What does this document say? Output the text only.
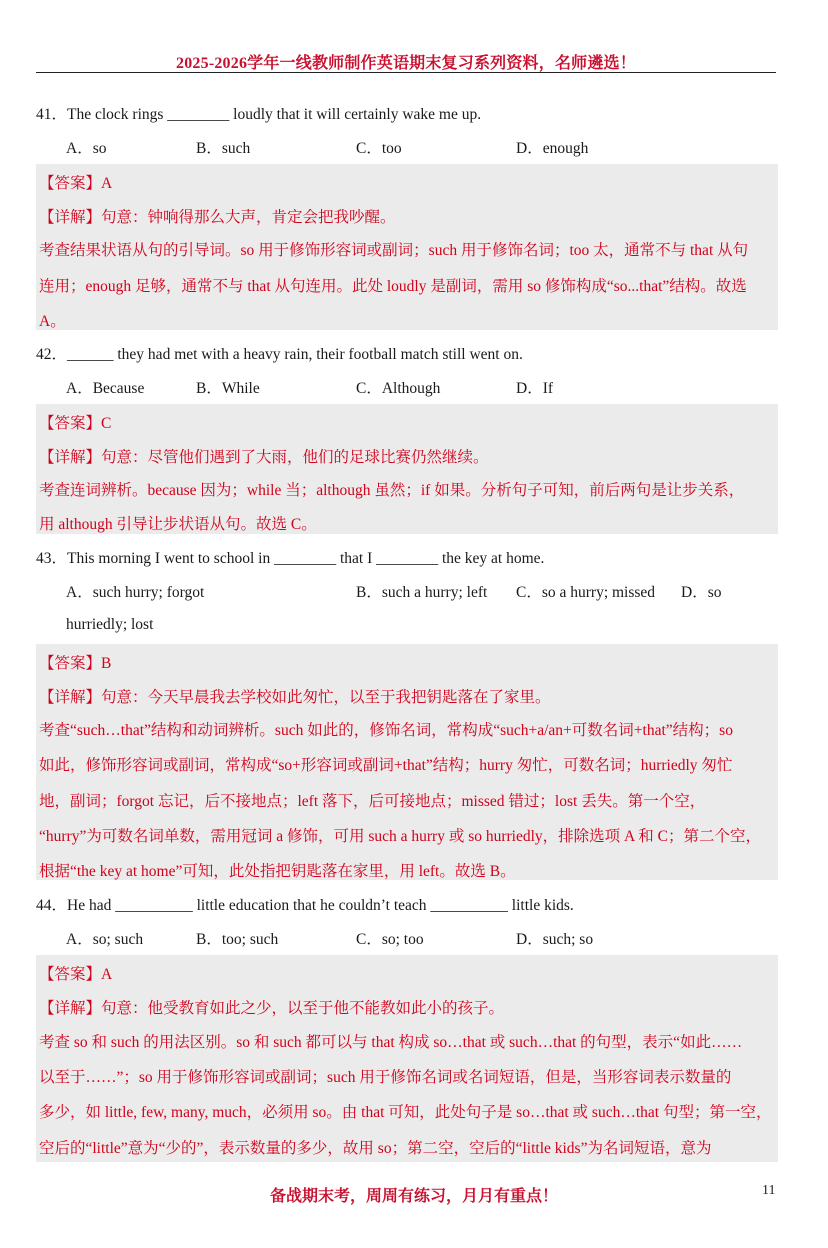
2025-2026学年一线教师制作英语期末复习系列资料，名师遴选！
41．The clock rings ________ loudly that it will certainly wake me up.
A．so	B．such	C．too	D．enough
【答案】A
【详解】句意：钟响得那么大声，肯定会把我吵醒。
考查结果状语从句的引导词。so 用于修饰形容词或副词；such 用于修饰名词；too 太，通常不与 that 从句
连用；enough 足够，通常不与 that 从句连用。此处 loudly 是副词，需用 so 修饰构成“so...that”结构。故选
A。
42．______ they had met with a heavy rain, their football match still went on.
A．Because	B．While	C．Although	D．If
【答案】C
【详解】句意：尽管他们遇到了大雨，他们的足球比赛仍然继续。
考查连词辨析。because 因为；while 当；although 虽然；if 如果。分析句子可知，前后两句是让步关系，
用 although 引导让步状语从句。故选 C。
43．This morning I went to school in ________ that I ________ the key at home.
A．such hurry; forgot	B．such a hurry; left C．so a hurry; missed D．so
hurriedly; lost
【答案】B
【详解】句意：今天早晨我去学校如此匆忙，以至于我把钥匙落在了家里。
考查“such…that”结构和动词辨析。such 如此的，修饰名词，常构成“such+a/an+可数名词+that”结构；so
如此，修饰形容词或副词，常构成“so+形容词或副词+that”结构；hurry 匆忙，可数名词；hurriedly 匆忙
地，副词；forgot 忘记，后不接地点；left 落下，后可接地点；missed 错过；lost 丢失。第一个空，
“hurry”为可数名词单数，需用冠词 a 修饰，可用 such a hurry 或 so hurriedly，排除选项 A 和 C；第二个空，
根据“the key at home”可知，此处指把钥匙落在家里，用 left。故选 B。
44．He had __________ little education that he couldn’t teach __________ little kids.
A．so; such	B．too; such	C．so; too	D．such; so
【答案】A
【详解】句意：他受教育如此之少，以至于他不能教如此小的孩子。
考查 so 和 such 的用法区别。so 和 such 都可以与 that 构成 so…that 或 such…that 的句型，表示“如此……
以至于……”；so 用于修饰形容词或副词；such 用于修饰名词或名词短语，但是，当形容词表示数量的
多少，如 little, few, many, much，必须用 so。由 that 可知，此处句子是 so…that 或 such…that 句型；第一空，
空后的“little”意为“少的”，表示数量的多少，故用 so；第二空，空后的“little kids”为名词短语，意为
备战期末考，周周有练习，月月有重点！	11
